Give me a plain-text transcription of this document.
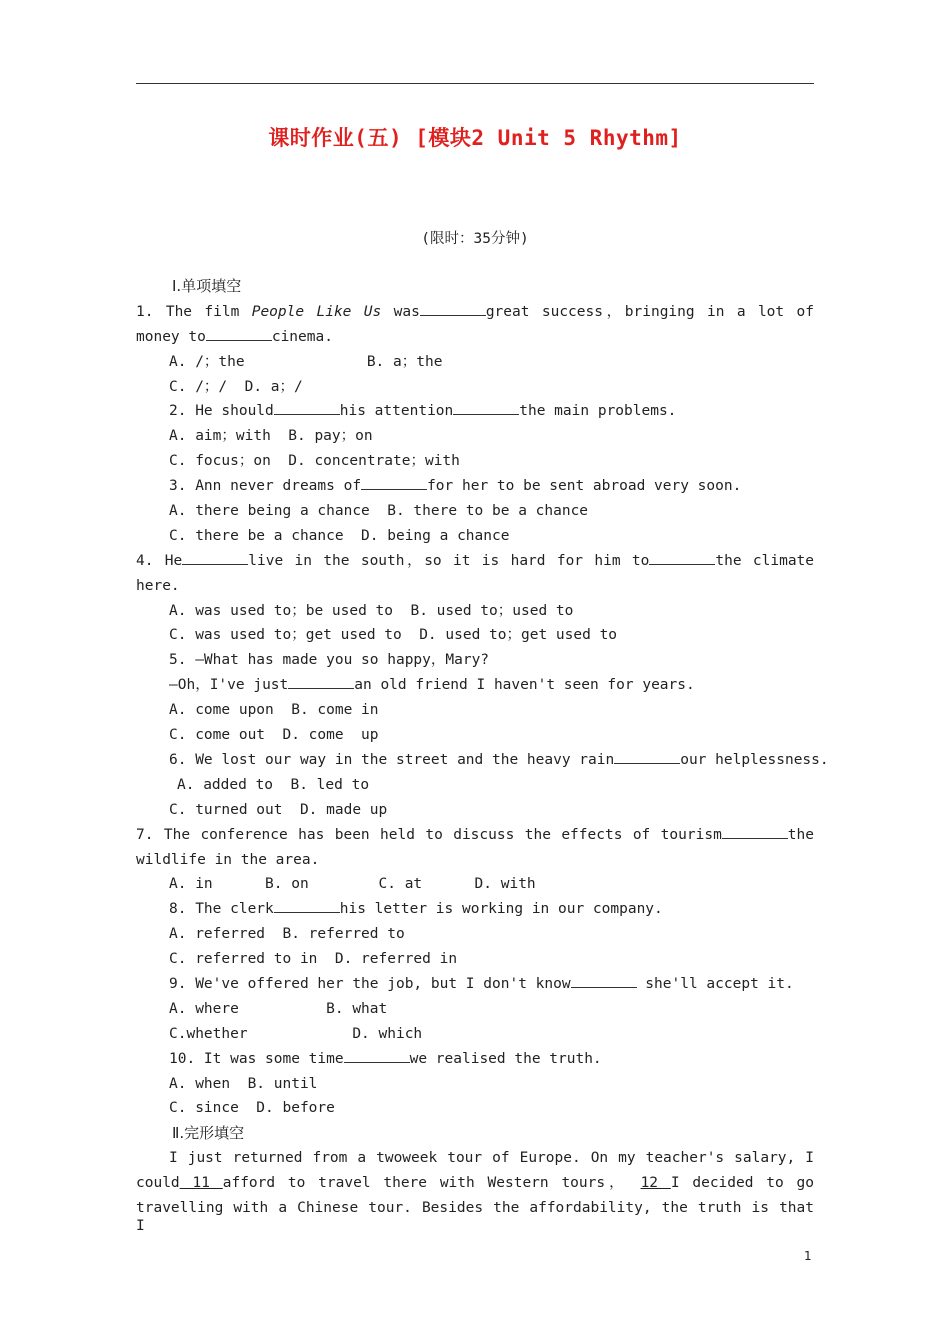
课时作业(五) [模块2 Unit 5 Rhythm]
(限时：35分钟)
Ⅰ.单项填空
1. The film People Like Us was	great success，bringing in a lot of
money to	cinema.
A. /；the              B. a；the
C. /；/  D. a；/
2. He should	his attention	the main problems.
A. aim；with  B. pay；on
C. focus；on  D. concentrate；with
3. Ann never dreams of	for her to be sent abroad very soon.
A. there being a chance  B. there to be a chance
C. there be a chance  D. being a chance
4. He	live in the south，so it is hard for him to	the climate
here.
A. was used to；be used to  B. used to；used to
C. was used to；get used to  D. used to；get used to
5. —What has made you so happy，Mary?
—Oh，I've just	an old friend I haven't seen for years.
A. come upon  B. come in
C. come out  D. come  up
6. We lost our way in the street and the heavy rain	our helplessness.
A. added to  B. led to
C. turned out  D. made up
7. The conference has been held to discuss the effects of tourism	the
wildlife in the area.
A. in      B. on        C. at      D. with
8. The clerk	his letter is working in our company.
A. referred  B. referred to
C. referred to in  D. referred in
9. We've offered her the job, but I don't know	she'll accept it.
A. where          B. what
C.whether            D. which
10. It was some time	we realised the truth.
A. when  B. until
C. since  D. before
Ⅱ.完形填空
I just returned from a twoweek tour of Europe. On my teacher's salary, I
could 11 afford to travel there with Western tours， 12 I decided to go
travelling with a Chinese tour. Besides the affordability, the truth is that I
1
